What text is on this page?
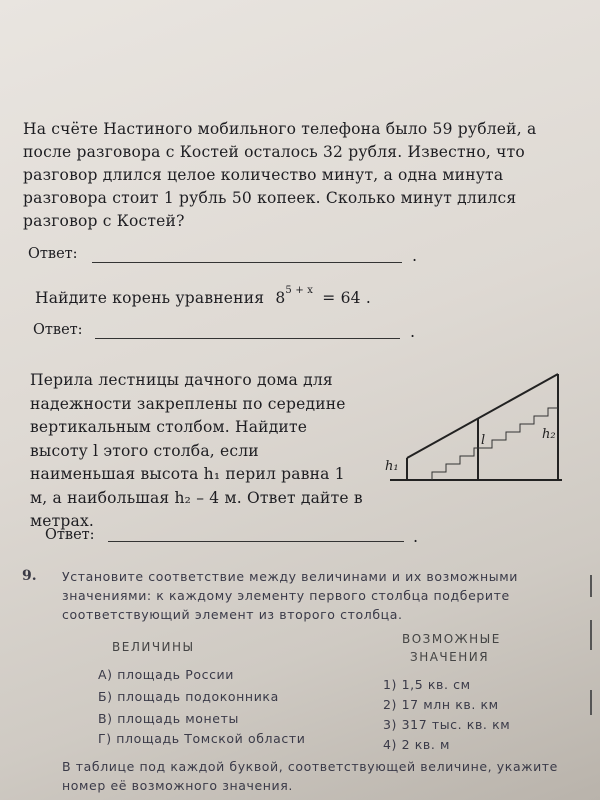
На счёте Настиного мобильного телефона было 59 рублей, а после разговора с Костей осталось 32 рубля. Известно, что разговор длился целое количество минут, а одна минута разговора стоит 1 рубль 50 копеек. Сколько минут длился разговор с Костей?
Ответ:	.
Найдите корень уравнения $8^{5 + x} = 64$ .
Ответ:	.
Перила лестницы дачного дома для надежности закреплены по середине вертикальным столбом. Найдите высоту l этого столба, если наименьшая высота h₁ перил равна 1 м, а наибольшая h₂ – 4 м. Ответ дайте в метрах.
l
h₁
h₂
Ответ:	.
9. Установите соответствие между величинами и их возможными значениями: к каждому элементу первого столбца подберите соответствующий элемент из второго столбца.
ВЕЛИЧИНЫ
ВОЗМОЖНЫЕ
ЗНАЧЕНИЯ
А) площадь России
Б) площадь подоконника
В) площадь монеты
Г) площадь Томской области
1) 1,5 кв. см
2) 17 млн кв. км
3) 317 тыс. кв. км
4) 2 кв. м
В таблице под каждой буквой, соответствующей величине, укажите номер её возможного значения.
